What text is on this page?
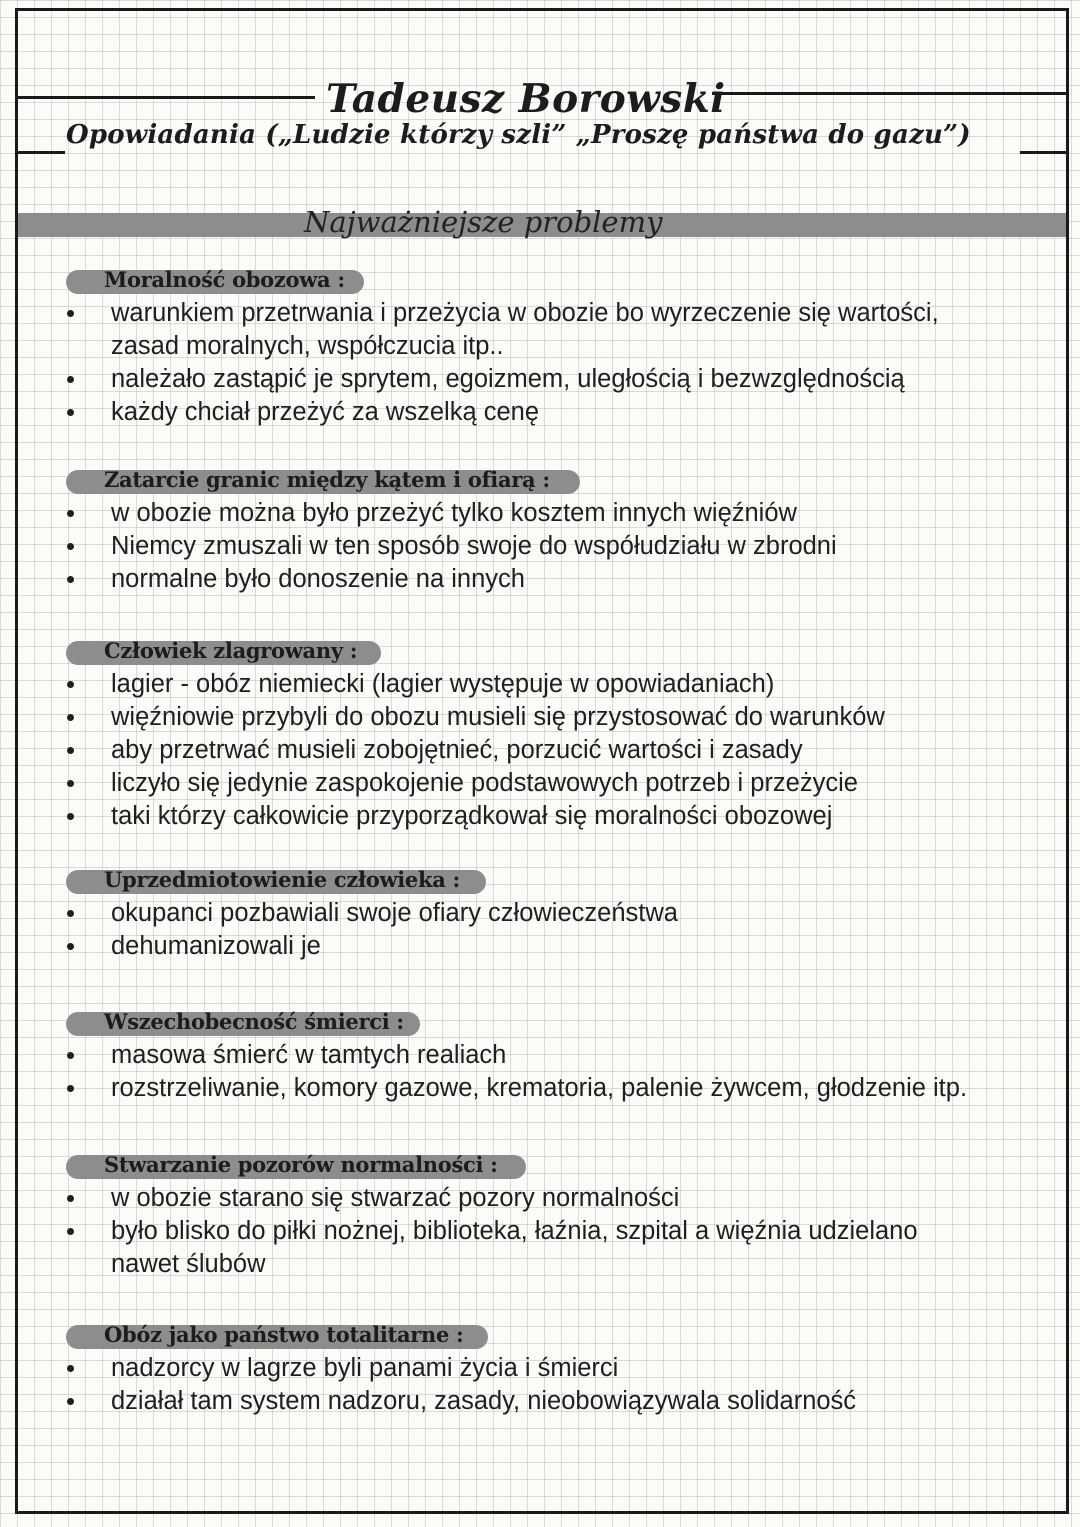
Tadeusz Borowski
Opowiadania („Ludzie którzy szli” „Proszę państwa do gazu”)
Najważniejsze problemy
Moralność obozowa :
warunkiem przetrwania i przeżycia w obozie bo wyrzeczenie się wartości,
zasad moralnych, współczucia itp..
należało zastąpić je sprytem, egoizmem, uległością i bezwzględnością
każdy chciał przeżyć za wszelką cenę
Zatarcie granic między kątem i ofiarą :
w obozie można było przeżyć tylko kosztem innych więźniów
Niemcy zmuszali w ten sposób swoje do współudziału w zbrodni
normalne było donoszenie na innych
Człowiek zlagrowany :
lagier - obóz niemiecki (lagier występuje w opowiadaniach)
więźniowie przybyli do obozu musieli się przystosować do warunków
aby przetrwać musieli zobojętnieć, porzucić wartości i zasady
liczyło się jedynie zaspokojenie podstawowych potrzeb i przeżycie
taki którzy całkowicie przyporządkował się moralności obozowej
Uprzedmiotowienie człowieka :
okupanci pozbawiali swoje ofiary człowieczeństwa
dehumanizowali je
Wszechobecność śmierci :
masowa śmierć w tamtych realiach
rozstrzeliwanie, komory gazowe, krematoria, palenie żywcem, głodzenie itp.
Stwarzanie pozorów normalności :
w obozie starano się stwarzać pozory normalności
było blisko do piłki nożnej, biblioteka, łaźnia, szpital a więźnia udzielano
nawet ślubów
Obóz jako państwo totalitarne :
nadzorcy w lagrze byli panami życia i śmierci
działał tam system nadzoru, zasady, nieobowiązywala solidarność
